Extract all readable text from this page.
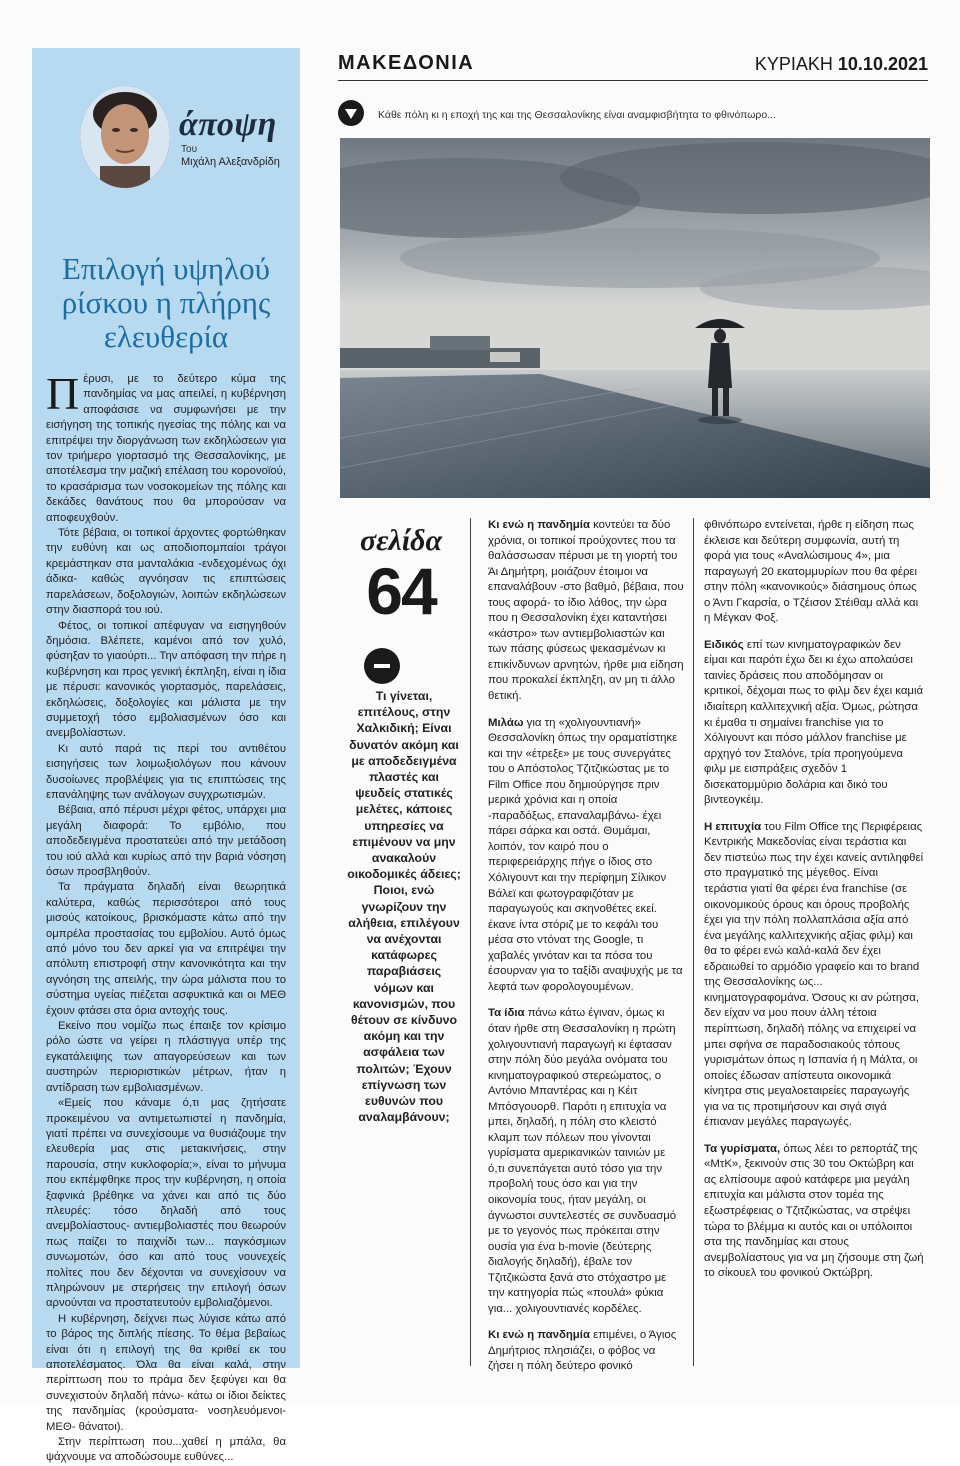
άποψη
Του
Μιχάλη Αλεξανδρίδη
Επιλογή υψηλού ρίσκου η πλήρης ελευθερία

Πέρυσι, με το δεύτερο κύμα της πανδημίας να μας απειλεί, η κυβέρνηση αποφάσισε να συμφωνήσει με την εισήγηση της τοπικής ηγεσίας της πόλης και να επιτρέψει την διοργάνωση των εκδηλώσεων για τον τριήμερο γιορτασμό της Θεσσαλονίκης, με αποτέλεσμα την μαζική επέλαση του κορονοϊού, το κρασάρισμα των νοσοκομείων της πόλης και δεκάδες θανάτους που θα μπορούσαν να αποφευχθούν.

Τότε βέβαια, οι τοπικοί άρχοντες φορτώθηκαν την ευθύνη και ως αποδιοπομπαίοι τράγοι κρεμάστηκαν στα μανταλάκια -ενδεχομένως όχι άδικα- καθώς αγνόησαν τις επιπτώσεις παρελάσεων, δοξολογιών, λοιπών εκδηλώσεων στην διασπορά του ιού.

Φέτος, οι τοπικοί απέφυγαν να εισηγηθούν δημόσια. Βλέπετε, καμένοι από τον χυλό, φύσηξαν το γιαούρτι... Την απόφαση την πήρε η κυβέρνηση και προς γενική έκπληξη, είναι η ίδια με πέρυσι: κανονικός γιορτασμός, παρελάσεις, εκδηλώσεις, δοξολογίες και μάλιστα με την συμμετοχή τόσο εμβολιασμένων όσο και ανεμβολίαστων.

Κι αυτό παρά τις περί του αντιθέτου εισηγήσεις των λοιμωξιολόγων που κάνουν δυσοίωνες προβλέψεις για τις επιπτώσεις της επανάληψης των ανάλογων συγχρωτισμών.

Βέβαια, από πέρυσι μέχρι φέτος, υπάρχει μια μεγάλη διαφορά: Το εμβόλιο, που αποδεδειγμένα προστατεύει από την μετάδοση του ιού αλλά και κυρίως από την βαριά νόσηση όσων προσβληθούν.

Τα πράγματα δηλαδή είναι θεωρητικά καλύτερα, καθώς περισσότεροι από τους μισούς κατοίκους, βρισκόμαστε κάτω από την ομπρέλα προστασίας του εμβολίου. Αυτό όμως από μόνο του δεν αρκεί για να επιτρέψει την απόλυτη επιστροφή στην κανονικότητα και την αγνόηση της απειλής, την ώρα μάλιστα που το σύστημα υγείας πιέζεται ασφυκτικά και οι ΜΕΘ έχουν φτάσει στα όρια αντοχής τους.

Εκείνο που νομίζω πως έπαιξε τον κρίσιμο ρόλο ώστε να γείρει η πλάστιγγα υπέρ της εγκατάλειψης των απαγορεύσεων και των αυστηρών περιοριστικών μέτρων, ήταν η αντίδραση των εμβολιασμένων.

«Εμείς που κάναμε ό,τι μας ζητήσατε προκειμένου να αντιμετωπιστεί η πανδημία, γιατί πρέπει να συνεχίσουμε να θυσιάζουμε την ελευθερία μας στις μετακινήσεις, στην παρουσία, στην κυκλοφορία;», είναι το μήνυμα που εκπέμφθηκε προς την κυβέρνηση, η οποία ξαφνικά βρέθηκε να χάνει και από τις δύο πλευρές: τόσο δηλαδή από τους ανεμβολίαστους- αντιεμβολιαστές που θεωρούν πως παίζει το παιχνίδι των... παγκόσμιων συνωμοτών, όσο και από τους νουνεχείς πολίτες που δεν δέχονται να συνεχίσουν να πληρώνουν με στερήσεις την επιλογή όσων αρνούνται να προστατευτούν εμβολιαζόμενοι.

Η κυβέρνηση, δείχνει πως λύγισε κάτω από το βάρος της διπλής πίεσης. Το θέμα βεβαίως είναι ότι η επιλογή της θα κριθεί εκ του αποτελέσματος. Όλα θα είναι καλά, στην περίπτωση που το πράμα δεν ξεφύγει και θα συνεχιστούν δηλαδή πάνω- κάτω οι ίδιοι δείκτες της πανδημίας (κρούσματα- νοσηλευόμενοι- ΜΕΘ- θάνατοι).

Στην περίπτωση που...χαθεί η μπάλα, θα ψάχνουμε να αποδώσουμε ευθύνες...

ΜΑΚΕΔΟΝΙΑ	ΚΥΡΙΑΚΗ 10.10.2021
Κάθε πόλη κι η εποχή της και της Θεσσαλονίκης είναι αναμφισβήτητα το φθινόπωρο...
σελίδα
64
Τι γίνεται, επιτέλους, στην Χαλκιδική; Είναι δυνατόν ακόμη και με αποδεδειγμένα πλαστές και ψευδείς στατικές μελέτες, κάποιες υπηρεσίες να επιμένουν να μην ανακαλούν οικοδομικές άδειες; Ποιοι, ενώ γνωρίζουν την αλήθεια, επιλέγουν να ανέχονται κατάφωρες παραβιάσεις νόμων και κανονισμών, που θέτουν σε κίνδυνο ακόμη και την ασφάλεια των πολιτών; Έχουν επίγνωση των ευθυνών που αναλαμβάνουν;

Κι ενώ η πανδημία κοντεύει τα δύο χρόνια, οι τοπικοί προύχοντες που τα θαλάσσωσαν πέρυσι με τη γιορτή του Άι Δημήτρη, μοιάζουν έτοιμοι να επαναλάβουν -στο βαθμό, βέβαια, που τους αφορά- το ίδιο λάθος, την ώρα που η Θεσσαλονίκη έχει καταντήσει «κάστρο» των αντιεμβολιαστών και των πάσης φύσεως ψεκασμένων κι επικίνδυνων αρνητών, ήρθε μια είδηση που προκαλεί έκπληξη, αν μη τι άλλο θετική.

Μιλάω για τη «χολιγουντιανή» Θεσσαλονίκη όπως την οραματίστηκε και την «έτρεξε» με τους συνεργάτες του ο Απόστολος Τζιτζικώστας με το Film Office που δημιούργησε πριν μερικά χρόνια και η οποία -παραδόξως, επαναλαμβάνω- έχει πάρει σάρκα και οστά. Θυμάμαι, λοιπόν, τον καιρό που ο περιφερειάρχης πήγε ο ίδιος στο Χόλιγουντ και την περίφημη Σίλικον Βάλεϊ και φωτογραφιζόταν με παραγωγούς και σκηνοθέτες εκεί. έκανε ίντα στόριζ με το κεφάλι του μέσα στο ντόνατ της Google, τι χαβαλές γινόταν και τα πόσα του έσουρναν για το ταξίδι αναψυχής με τα λεφτά των φορολογουμένων.

Τα ίδια πάνω κάτω έγιναν, όμως κι όταν ήρθε στη Θεσσαλονίκη η πρώτη χολιγουντιανή παραγωγή κι έφτασαν στην πόλη δύο μεγάλα ονόματα του κινηματογραφικού στερεώματος, ο Αντόνιο Μπαντέρας και η Κέιτ Μπόσγουορθ. Παρότι η επιτυχία να μπει, δηλαδή, η πόλη στο κλειστό κλαμπ των πόλεων που γίνονται γυρίσματα αμερικανικών ταινιών με ό,τι συνεπάγεται αυτό τόσο για την προβολή τους όσο και για την οικονομία τους, ήταν μεγάλη, οι άγνωστοι συντελεστές σε συνδυασμό με το γεγονός πως πρόκειται στην ουσία για ένα b-movie (δεύτερης διαλογής δηλαδή), έβαλε τον Τζιτζικώστα ξανά στο στόχαστρο με την κατηγορία πώς «πουλά» φύκια για... χολιγουντιανές κορδέλες.

Κι ενώ η πανδημία επιμένει, ο Άγιος Δημήτριος πλησιάζει, ο φόβος να ζήσει η πόλη δεύτερο φονικό

φθινόπωρο εντείνεται, ήρθε η είδηση πως έκλεισε και δεύτερη συμφωνία, αυτή τη φορά για τους «Αναλώσιμους 4», μια παραγωγή 20 εκατομμυρίων που θα φέρει στην πόλη «κανονικούς» διάσημους όπως ο Άντι Γκαρσία, ο Τζέισον Στέιθαμ αλλά και η Μέγκαν Φοξ.

Ειδικός επί των κινηματογραφικών δεν είμαι και παρότι έχω δει κι έχω απολαύσει ταινίες δράσεις που αποδόμησαν οι κριτικοί, δέχομαι πως το φιλμ δεν έχει καμιά ιδιαίτερη καλλιτεχνική αξία. Όμως, ρώτησα κι έμαθα τι σημαίνει franchise για το Χόλιγουντ και πόσο μάλλον franchise με αρχηγό τον Σταλόνε, τρία προηγούμενα φιλμ με εισπράξεις σχεδόν 1 δισεκατομμύριο δολάρια και δικό του βιντεογκέιμ.

Η επιτυχία του Film Office της Περιφέρειας Κεντρικής Μακεδονίας είναι τεράστια και δεν πιστεύω πως την έχει κανείς αντιληφθεί στο πραγματικό της μέγεθος. Είναι τεράστια γιατί θα φέρει ένα franchise (σε οικονομικούς όρους και όρους προβολής έχει για την πόλη πολλαπλάσια αξία από ένα μεγάλης καλλιτεχνικής αξίας φιλμ) και θα το φέρει ενώ καλά-καλά δεν έχει εδραιωθεί το αρμόδιο γραφείο και το brand της Θεσσαλονίκης ως... κινηματογραφομάνα. Όσους κι αν ρώτησα, δεν είχαν να μου πουν άλλη τέτοια περίπτωση, δηλαδή πόλης να επιχειρεί να μπει σφήνα σε παραδοσιακούς τόπους γυρισμάτων όπως η Ισπανία ή η Μάλτα, οι οποίες έδωσαν απίστευτα οικονομικά κίνητρα στις μεγαλοεταιρείες παραγωγής για να τις προτιμήσουν και σιγά σιγά έπιαναν μεγάλες παραγωγές.

Τα γυρίσματα, όπως λέει το ρεπορτάζ της «ΜτΚ», ξεκινούν στις 30 του Οκτώβρη και ας ελπίσουμε αφού κατάφερε μια μεγάλη επιτυχία και μάλιστα στον τομέα της εξωστρέφειας ο Τζιτζικώστας, να στρέψει τώρα το βλέμμα κι αυτός και οι υπόλοιποι στα της πανδημίας και στους ανεμβολίαστους για να μη ζήσουμε στη ζωή το σίκουελ του φονικού Οκτώβρη.
